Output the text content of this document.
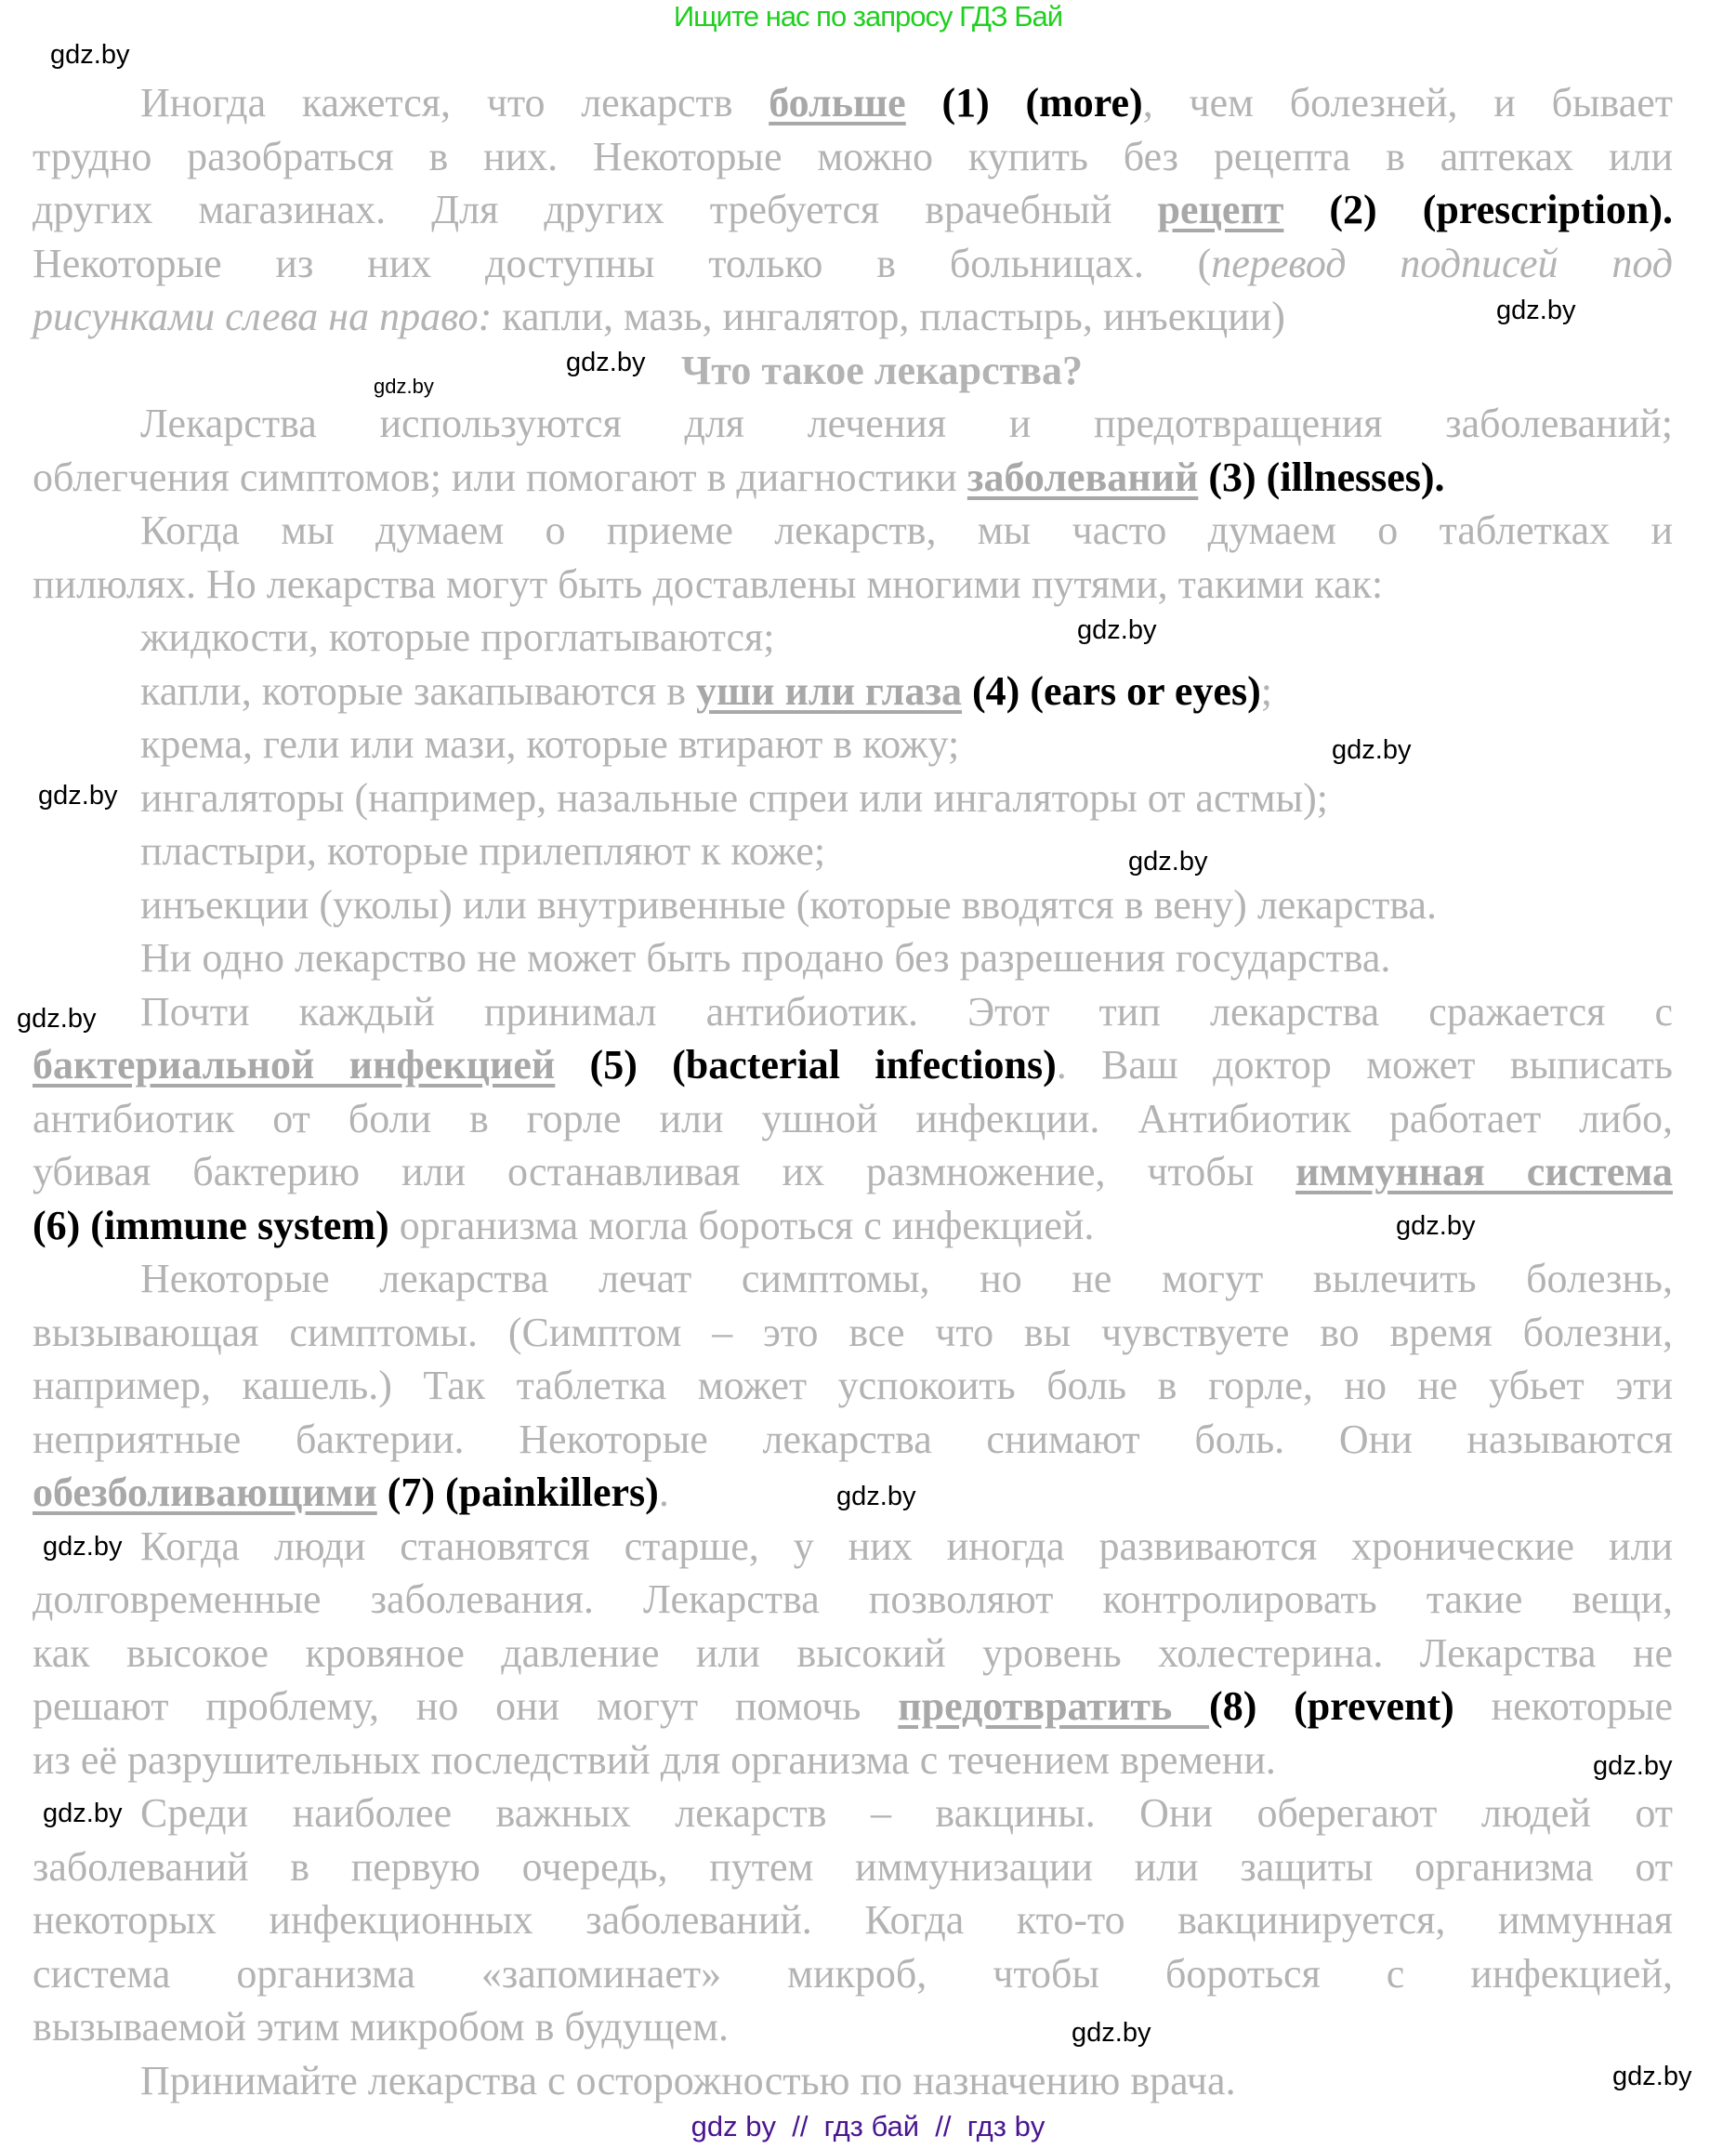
Ищите нас по запросу ГДЗ Бай
Иногда кажется, что лекарств больше (1) (more), чем болезней, и бывает
трудно разобраться в них. Некоторые можно купить без рецепта в аптеках или
других магазинах. Для других требуется врачебный рецепт (2) (prescription).
Некоторые из них доступны только в больницах. (перевод подписей под
рисунками слева на право: капли, мазь, ингалятор, пластырь, инъекции)
Что такое лекарства?
Лекарства используются для лечения и предотвращения заболеваний;
облегчения симптомов; или помогают в диагностики заболеваний (3) (illnesses).
Когда мы думаем о приеме лекарств, мы часто думаем о таблетках и
пилюлях. Но лекарства могут быть доставлены многими путями, такими как:
жидкости, которые проглатываются;
капли, которые закапываются в уши или глаза (4) (ears or eyes);
крема, гели или мази, которые втирают в кожу;
ингаляторы (например, назальные спреи или ингаляторы от астмы);
пластыри, которые прилепляют к коже;
инъекции (уколы) или внутривенные (которые вводятся в вену) лекарства.
Ни одно лекарство не может быть продано без разрешения государства.
Почти каждый принимал антибиотик. Этот тип лекарства сражается с
бактериальной инфекцией (5) (bacterial infections). Ваш доктор может выписать
антибиотик от боли в горле или ушной инфекции. Антибиотик работает либо,
убивая бактерию или останавливая их размножение, чтобы иммунная система
(6) (immune system) организма могла бороться с инфекцией.
Некоторые лекарства лечат симптомы, но не могут вылечить болезнь,
вызывающая симптомы. (Симптом – это все что вы чувствуете во время болезни,
например, кашель.) Так таблетка может успокоить боль в горле, но не убьет эти
неприятные бактерии. Некоторые лекарства снимают боль. Они называются
обезболивающими (7) (painkillers).
Когда люди становятся старше, у них иногда развиваются хронические или
долговременные заболевания. Лекарства позволяют контролировать такие вещи,
как высокое кровяное давление или высокий уровень холестерина. Лекарства не
решают проблему, но они могут помочь предотвратить (8) (prevent) некоторые
из её разрушительных последствий для организма с течением времени.
Среди наиболее важных лекарств – вакцины. Они оберегают людей от
заболеваний в первую очередь, путем иммунизации или защиты организма от
некоторых инфекционных заболеваний. Когда кто-то вакцинируется, иммунная
система организма «запоминает» микроб, чтобы бороться с инфекцией,
вызываемой этим микробом в будущем.
Принимайте лекарства с осторожностью по назначению врача.
gdz.by
gdz.by
gdz.by
gdz.by
gdz.by
gdz.by
gdz.by
gdz.by
gdz.by
gdz.by
gdz.by
gdz.by
gdz.by
gdz.by
gdz.by
gdz.by
gdz by  //  гдз бай  //  гдз by
